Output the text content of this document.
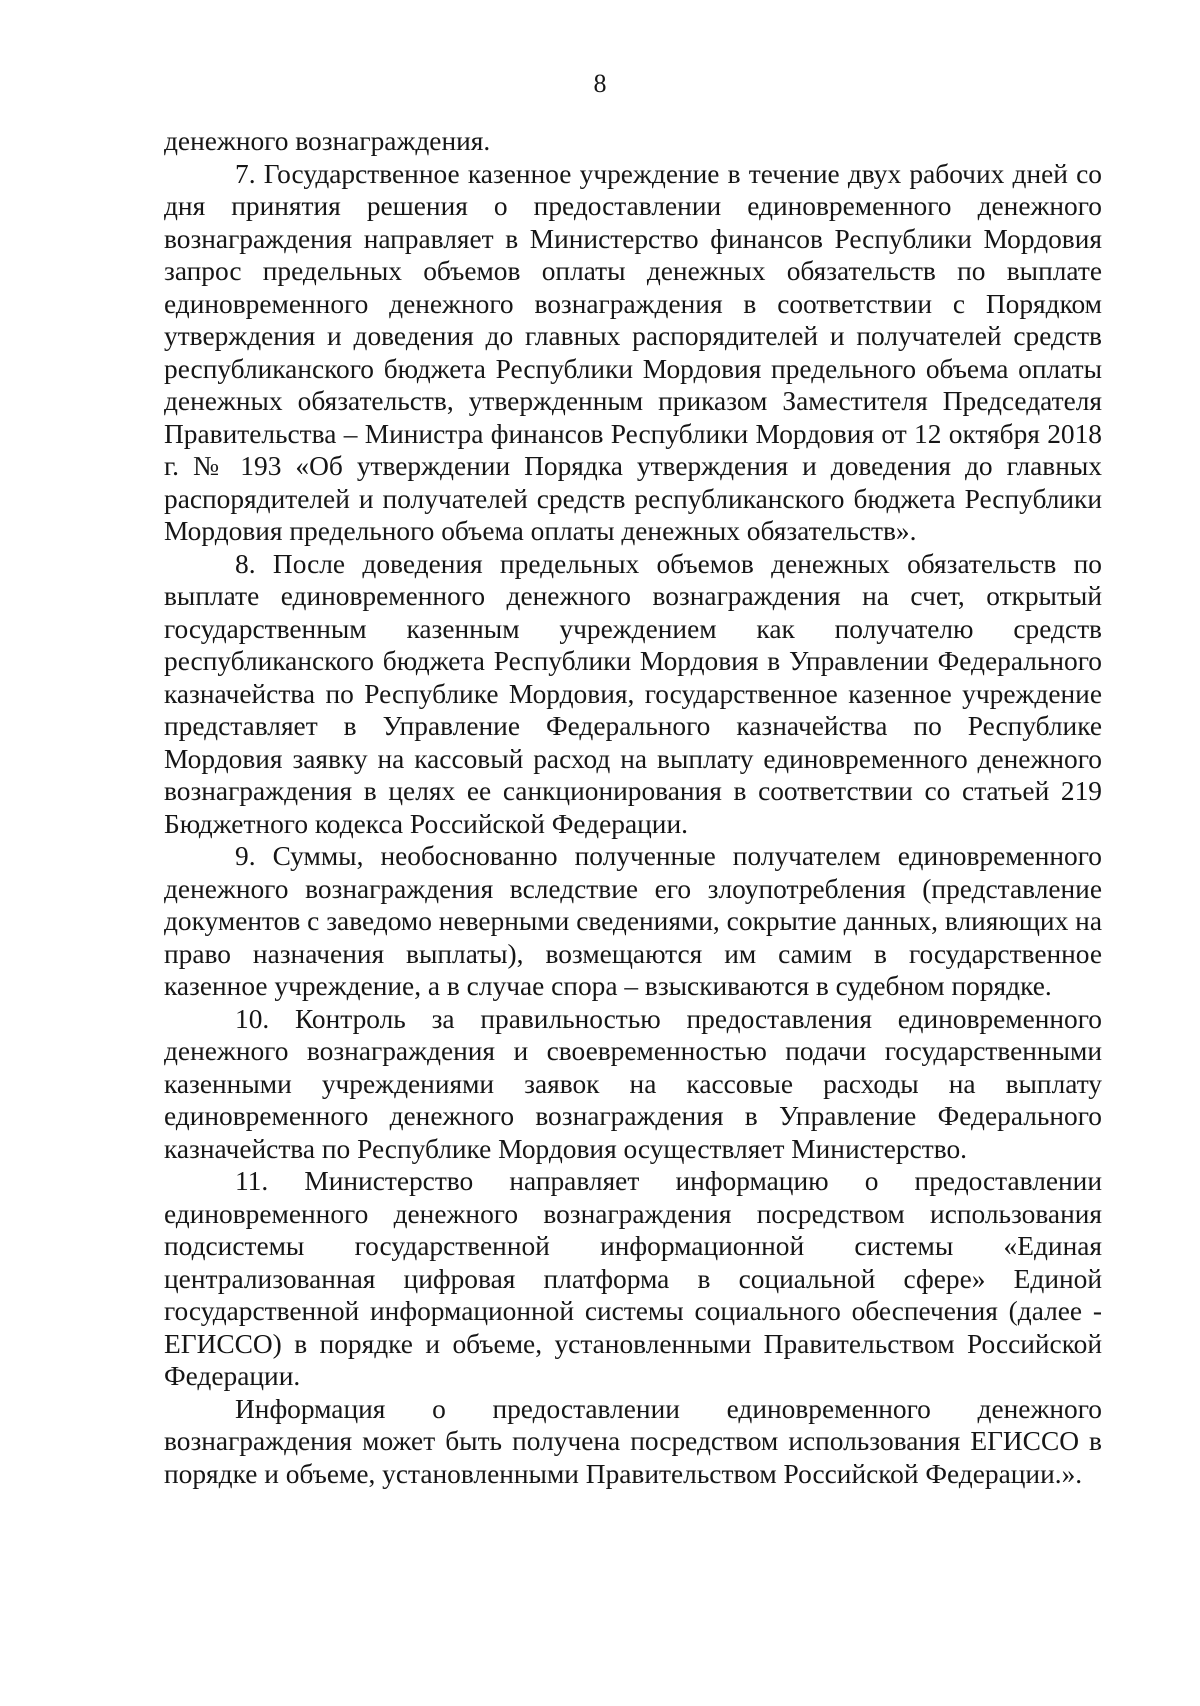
8

денежного вознаграждения.

7. Государственное казенное учреждение в течение двух рабочих дней со дня принятия решения о предоставлении единовременного денежного вознаграждения направляет в Министерство финансов Республики Мордовия запрос предельных объемов оплаты денежных обязательств по выплате единовременного денежного вознаграждения в соответствии с Порядком утверждения и доведения до главных распорядителей и получателей средств республиканского бюджета Республики Мордовия предельного объема оплаты денежных обязательств, утвержденным приказом Заместителя Председателя Правительства – Министра финансов Республики Мордовия от 12 октября 2018 г. № 193 «Об утверждении Порядка утверждения и доведения до главных распорядителей и получателей средств республиканского бюджета Республики Мордовия предельного объема оплаты денежных обязательств».

8. После доведения предельных объемов денежных обязательств по выплате единовременного денежного вознаграждения на счет, открытый государственным казенным учреждением как получателю средств республиканского бюджета Республики Мордовия в Управлении Федерального казначейства по Республике Мордовия, государственное казенное учреждение представляет в Управление Федерального казначейства по Республике Мордовия заявку на кассовый расход на выплату единовременного денежного вознаграждения в целях ее санкционирования в соответствии со статьей 219 Бюджетного кодекса Российской Федерации.

9. Суммы, необоснованно полученные получателем единовременного денежного вознаграждения вследствие его злоупотребления (представление документов с заведомо неверными сведениями, сокрытие данных, влияющих на право назначения выплаты), возмещаются им самим в государственное казенное учреждение, а в случае спора – взыскиваются в судебном порядке.

10. Контроль за правильностью предоставления единовременного денежного вознаграждения и своевременностью подачи государственными казенными учреждениями заявок на кассовые расходы на выплату единовременного денежного вознаграждения в Управление Федерального казначейства по Республике Мордовия осуществляет Министерство.

11. Министерство направляет информацию о предоставлении единовременного денежного вознаграждения посредством использования подсистемы государственной информационной системы «Единая централизованная цифровая платформа в социальной сфере» Единой государственной информационной системы социального обеспечения (далее - ЕГИССО) в порядке и объеме, установленными Правительством Российской Федерации.

Информация о предоставлении единовременного денежного вознаграждения может быть получена посредством использования ЕГИССО в порядке и объеме, установленными Правительством Российской Федерации.».
